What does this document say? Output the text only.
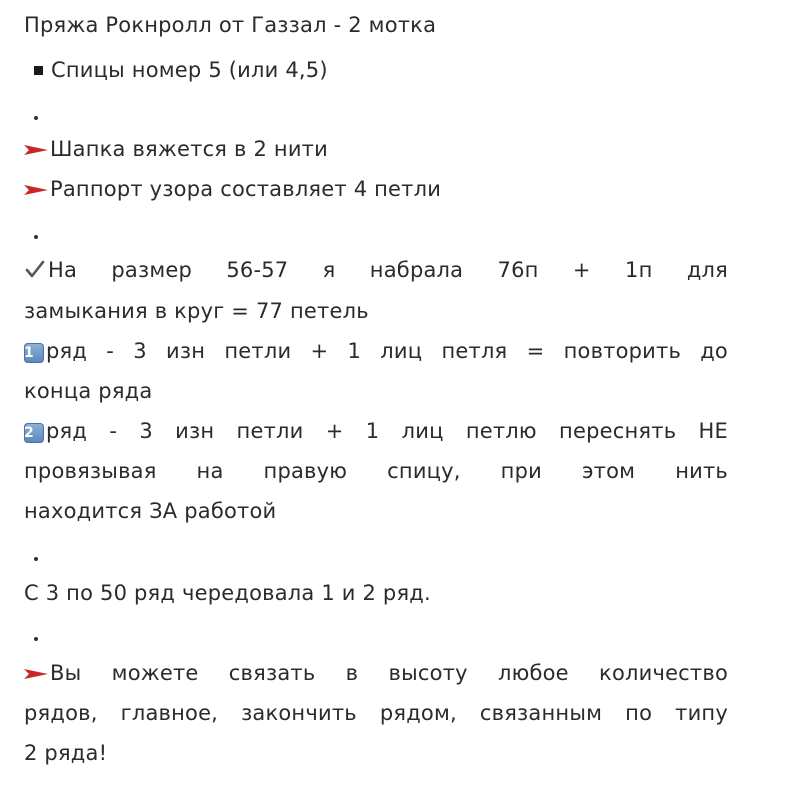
Пряжа Рокнролл от Газзал - 2 мотка
Спицы номер 5 (или 4,5)
Шапка вяжется в 2 нити
Раппорт узора составляет 4 петли
На размер 56-57 я набрала 76п + 1п для
замыкания в круг = 77 петель
1 ряд - 3 изн петли + 1 лиц петля = повторить до
конца ряда
2 ряд - 3 изн петли + 1 лиц петлю переснять НЕ
провязывая на правую спицу, при этом нить
находится ЗА работой
С 3 по 50 ряд чередовала 1 и 2 ряд.
Вы можете связать в высоту любое количество
рядов, главное, закончить рядом, связанным по типу
2 ряда!
